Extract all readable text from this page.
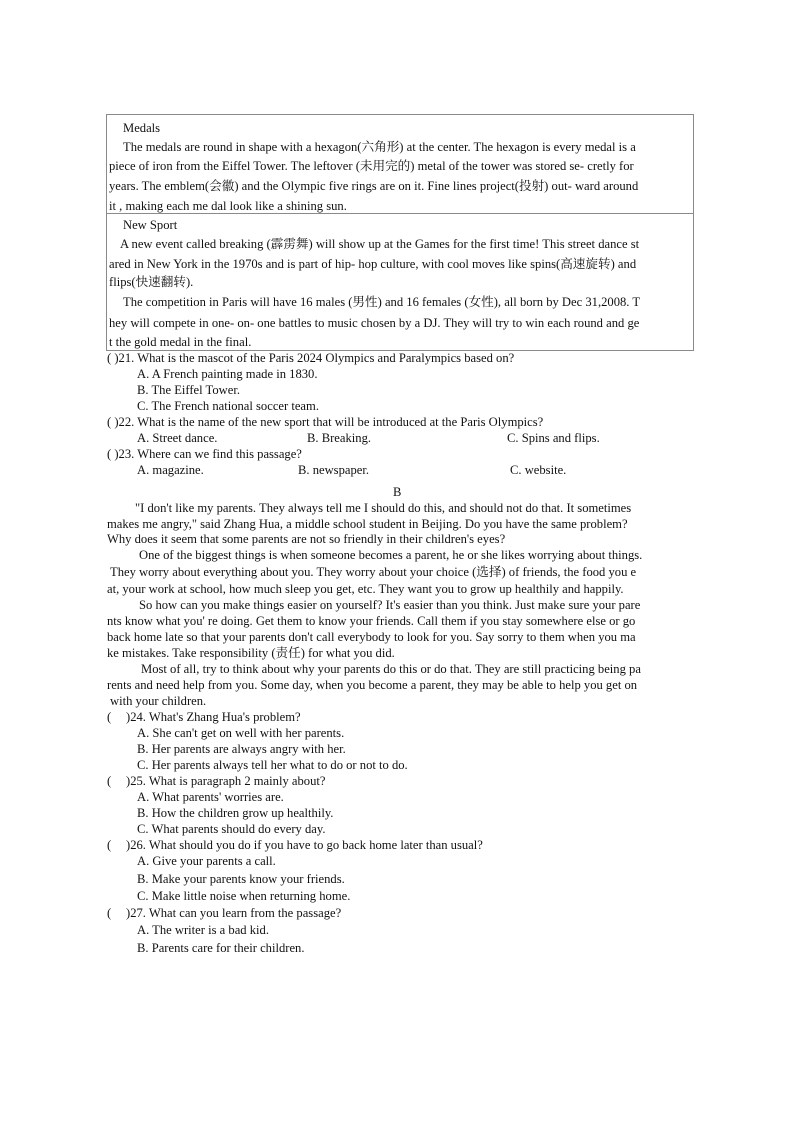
Medals
The medals are round in shape with a hexagon(六角形) at the center. The hexagon is every medal is a
piece of iron from the Eiffel Tower. The leftover (未用完的) metal of the tower was stored se- cretly for
years. The emblem(会徽) and the Olympic five rings are on it. Fine lines project(投射) out- ward around
it , making each me dal look like a shining sun.
New Sport
A new event called breaking (霹雳舞) will show up at the Games for the first time! This street dance st
ared in New York in the 1970s and is part of hip- hop culture, with cool moves like spins(高速旋转) and
flips(快速翻转).
The competition in Paris will have 16 males (男性) and 16 females (女性), all born by Dec 31,2008. T
hey will compete in one- on- one battles to music chosen by a DJ. They will try to win each round and ge
t the gold medal in the final.
( )21. What is the mascot of the Paris 2024 Olympics and Paralympics based on?
A. A French painting made in 1830.
B. The Eiffel Tower.
C. The French national soccer team.
( )22. What is the name of the new sport that will be introduced at the Paris Olympics?
A. Street dance.	B. Breaking.	C. Spins and flips.
( )23. Where can we find this passage?
A. magazine.	B. newspaper.	C. website.
B
"I don't like my parents. They always tell me I should do this, and should not do that. It sometimes
makes me angry," said Zhang Hua, a middle school student in Beijing. Do you have the same problem?
Why does it seem that some parents are not so friendly in their children's eyes?
One of the biggest things is when someone becomes a parent, he or she likes worrying about things.
They worry about everything about you. They worry about your choice (选择) of friends, the food you e
at, your work at school, how much sleep you get, etc. They want you to grow up healthily and happily.
So how can you make things easier on yourself? It's easier than you think. Just make sure your pare
nts know what you' re doing. Get them to know your friends. Call them if you stay somewhere else or go
back home late so that your parents don't call everybody to look for you. Say sorry to them when you ma
ke mistakes. Take responsibility (责任) for what you did.
Most of all, try to think about why your parents do this or do that. They are still practicing being pa
rents and need help from you. Some day, when you become a parent, they may be able to help you get on
with your children.
( )24. What's Zhang Hua's problem?
A. She can't get on well with her parents.
B. Her parents are always angry with her.
C. Her parents always tell her what to do or not to do.
( )25. What is paragraph 2 mainly about?
A. What parents' worries are.
B. How the children grow up healthily.
C. What parents should do every day.
( )26. What should you do if you have to go back home later than usual?
A. Give your parents a call.
B. Make your parents know your friends.
C. Make little noise when returning home.
( )27. What can you learn from the passage?
A. The writer is a bad kid.
B. Parents care for their children.
